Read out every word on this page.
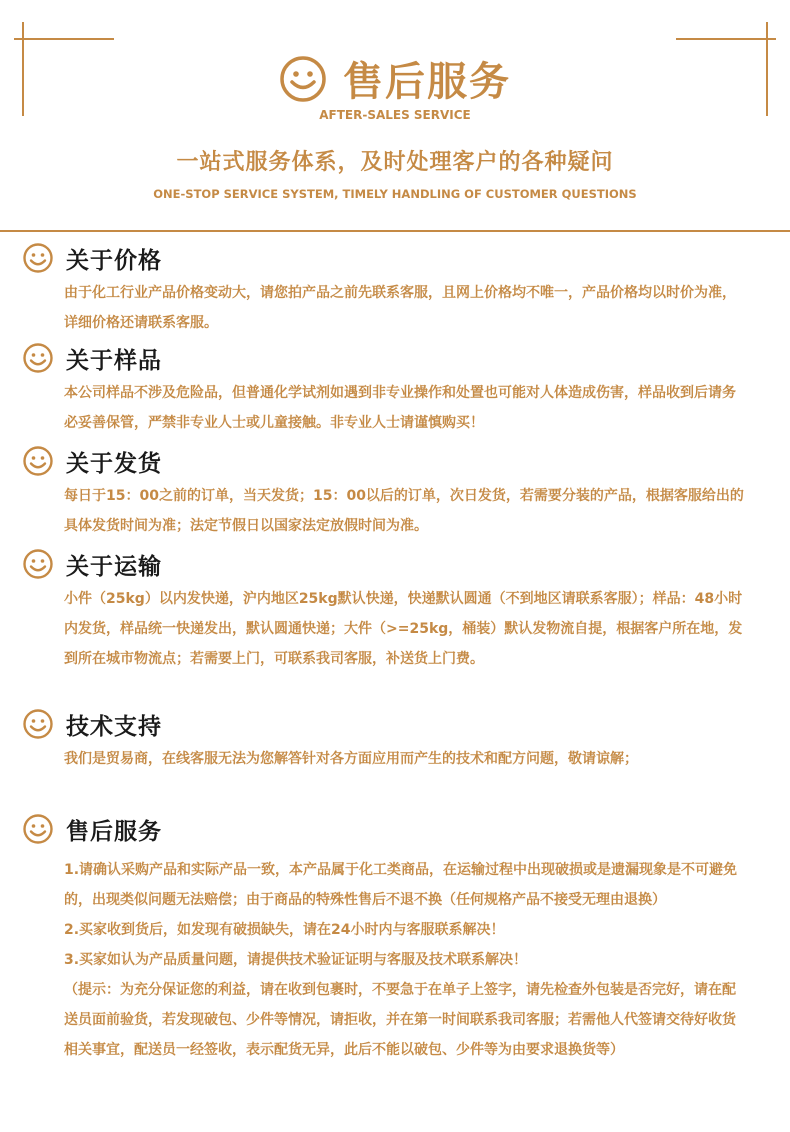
售后服务
AFTER-SALES SERVICE
一站式服务体系，及时处理客户的各种疑问
ONE-STOP SERVICE SYSTEM, TIMELY HANDLING OF CUSTOMER QUESTIONS
关于价格

由于化工行业产品价格变动大，请您拍产品之前先联系客服，且网上价格均不唯一，产品价格均以时价为准，详细价格还请联系客服。

关于样品

本公司样品不涉及危险品，但普通化学试剂如遇到非专业操作和处置也可能对人体造成伤害，样品收到后请务必妥善保管，严禁非专业人士或儿童接触。非专业人士请谨慎购买！

关于发货

每日于15：00之前的订单，当天发货；15：00以后的订单，次日发货，若需要分装的产品，根据客服给出的具体发货时间为准；法定节假日以国家法定放假时间为准。

关于运输

小件（25kg）以内发快递，沪内地区25kg默认快递，快递默认圆通（不到地区请联系客服）；样品：48小时内发货，样品统一快递发出，默认圆通快递；大件（>=25kg，桶装）默认发物流自提，根据客户所在地，发到所在城市物流点；若需要上门，可联系我司客服，补送货上门费。

技术支持

我们是贸易商，在线客服无法为您解答针对各方面应用而产生的技术和配方问题，敬请谅解；

售后服务

1.请确认采购产品和实际产品一致，本产品属于化工类商品，在运输过程中出现破损或是遗漏现象是不可避免的，出现类似问题无法赔偿；由于商品的特殊性售后不退不换（任何规格产品不接受无理由退换）

2.买家收到货后，如发现有破损缺失，请在24小时内与客服联系解决！

3.买家如认为产品质量问题，请提供技术验证证明与客服及技术联系解决！

（提示：为充分保证您的利益，请在收到包裹时，不要急于在单子上签字，请先检查外包装是否完好，请在配送员面前验货，若发现破包、少件等情况，请拒收，并在第一时间联系我司客服；若需他人代签请交待好收货相关事宜，配送员一经签收，表示配货无异，此后不能以破包、少件等为由要求退换货等）
